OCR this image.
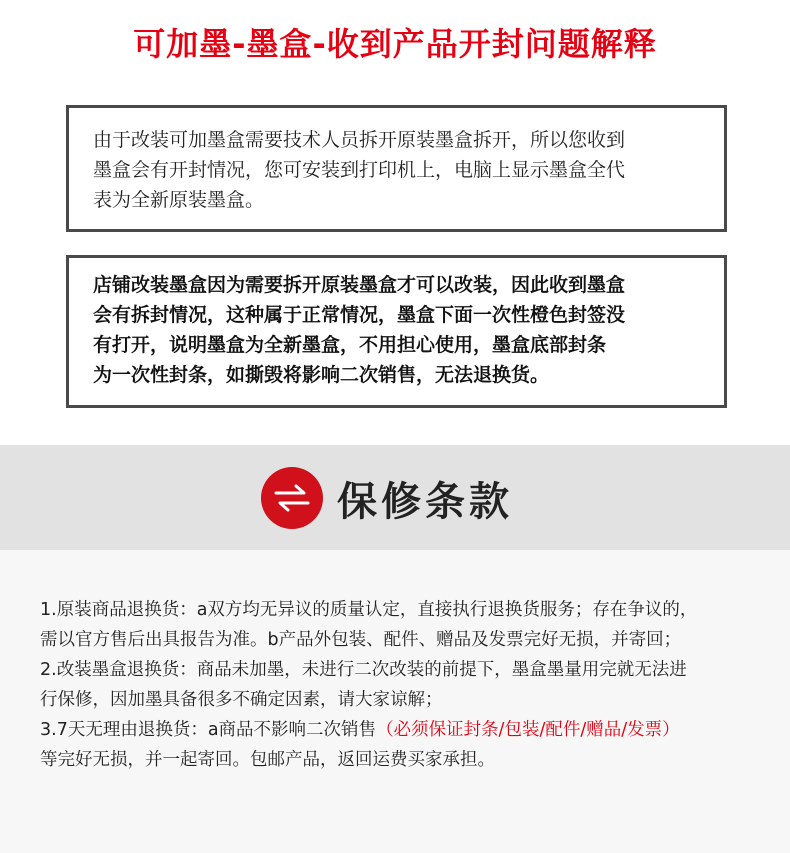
可加墨-墨盒-收到产品开封问题解释

由于改装可加墨盒需要技术人员拆开原装墨盒拆开，所以您收到

墨盒会有开封情况，您可安装到打印机上，电脑上显示墨盒全代

表为全新原装墨盒。

店铺改装墨盒因为需要拆开原装墨盒才可以改装，因此收到墨盒

会有拆封情况，这种属于正常情况，墨盒下面一次性橙色封签没

有打开，说明墨盒为全新墨盒，不用担心使用，墨盒底部封条

为一次性封条，如撕毁将影响二次销售，无法退换货。

保修条款
1.原装商品退换货：a双方均无异议的质量认定，直接执行退换货服务；存在争议的，
需以官方售后出具报告为准。b产品外包装、配件、赠品及发票完好无损，并寄回；
2.改装墨盒退换货：商品未加墨，未进行二次改装的前提下，墨盒墨量用完就无法进
行保修，因加墨具备很多不确定因素，请大家谅解；
3.7天无理由退换货：a商品不影响二次销售（必须保证封条/包装/配件/赠品/发票）
等完好无损，并一起寄回。包邮产品，返回运费买家承担。
